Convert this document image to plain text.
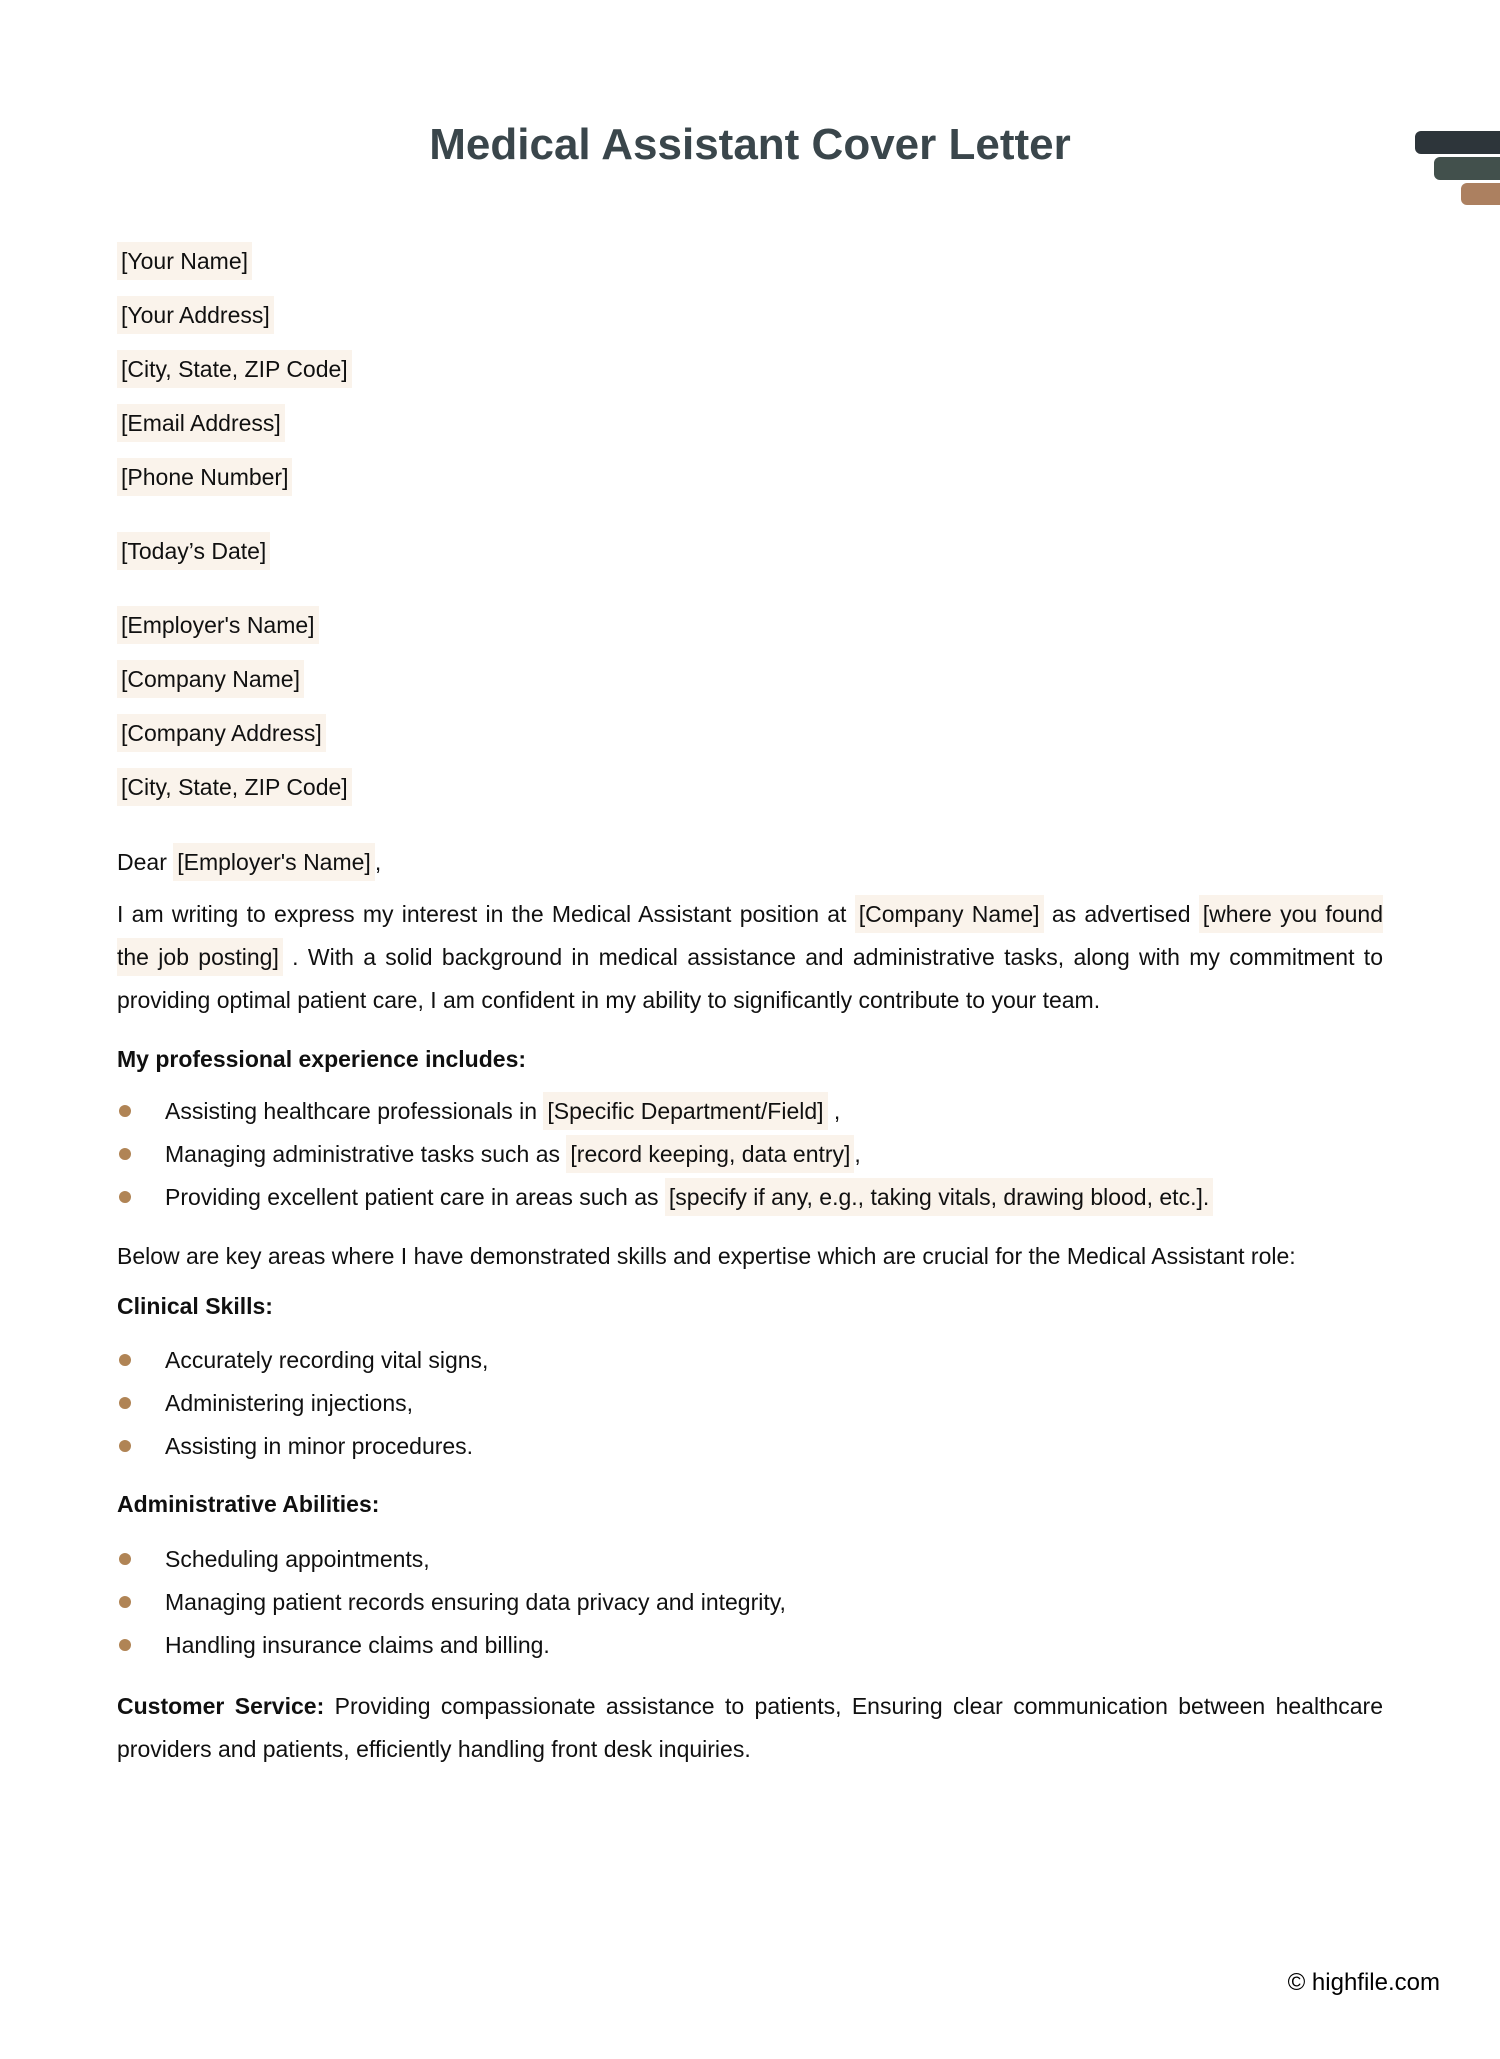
Medical Assistant Cover Letter

[Your Name]

[Your Address]

[City, State, ZIP Code]

[Email Address]

[Phone Number]

[Today’s Date]

[Employer's Name]

[Company Name]

[Company Address]

[City, State, ZIP Code]

Dear [Employer's Name] ,

I am writing to express my interest in the Medical Assistant position at [Company Name] as advertised [where you found the job posting] . With a solid background in medical assistance and administrative tasks, along with my commitment to providing optimal patient care, I am confident in my ability to significantly contribute to your team.

My professional experience includes:

Assisting healthcare professionals in [Specific Department/Field] ,
Managing administrative tasks such as [record keeping, data entry] ,
Providing excellent patient care in areas such as [specify if any, e.g., taking vitals, drawing blood, etc.].

Below are key areas where I have demonstrated skills and expertise which are crucial for the Medical Assistant role:

Clinical Skills:

Accurately recording vital signs,
Administering injections,
Assisting in minor procedures.

Administrative Abilities:

Scheduling appointments,
Managing patient records ensuring data privacy and integrity,
Handling insurance claims and billing.

Customer Service: Providing compassionate assistance to patients, Ensuring clear communication between healthcare providers and patients, efficiently handling front desk inquiries.

© highfile.com
